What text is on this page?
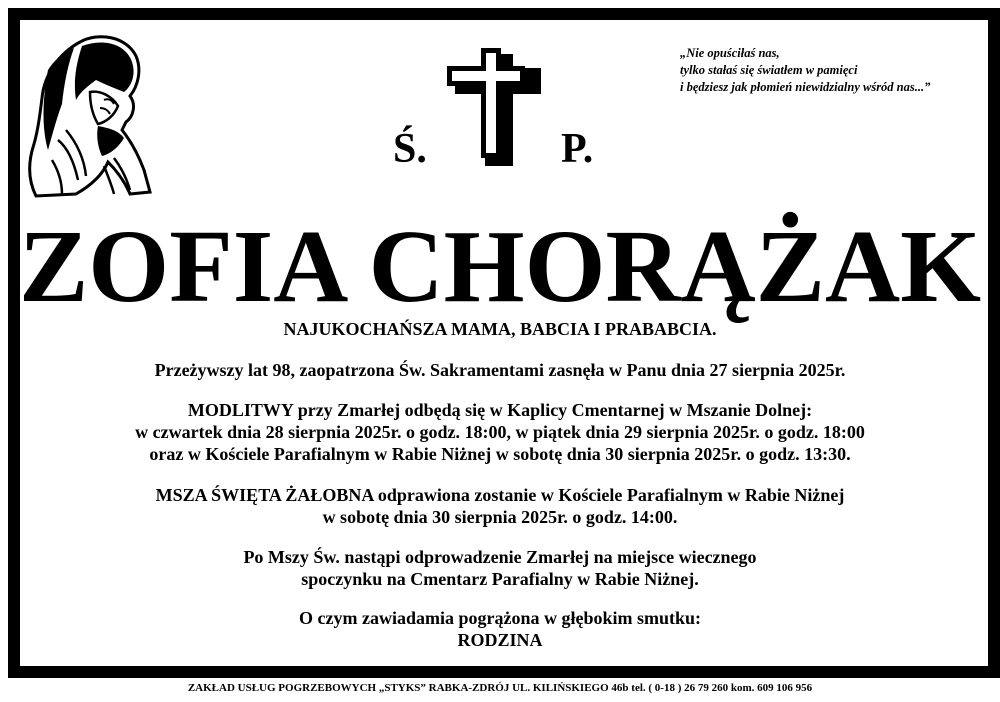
Ś.	P.
„Nie opuściłaś nas,
tylko stałaś się światłem w pamięci
i będziesz jak płomień niewidzialny wśród nas...”
ZOFIA CHORĄŻAK
NAJUKOCHAŃSZA MAMA, BABCIA I PRABABCIA.
Przeżywszy lat 98, zaopatrzona Św. Sakramentami zasnęła w Panu dnia 27 sierpnia 2025r.
MODLITWY przy Zmarłej odbędą się w Kaplicy Cmentarnej w Mszanie Dolnej:
w czwartek dnia 28 sierpnia 2025r. o godz. 18:00, w piątek dnia 29 sierpnia 2025r. o godz. 18:00
oraz w Kościele Parafialnym w Rabie Niżnej w sobotę dnia 30 sierpnia 2025r. o godz. 13:30.
MSZA ŚWIĘTA ŻAŁOBNA odprawiona zostanie w Kościele Parafialnym w Rabie Niżnej
w sobotę dnia 30 sierpnia 2025r. o godz. 14:00.
Po Mszy Św. nastąpi odprowadzenie Zmarłej na miejsce wiecznego
spoczynku na Cmentarz Parafialny w Rabie Niżnej.
O czym zawiadamia pogrążona w głębokim smutku:
RODZINA
ZAKŁAD USŁUG POGRZEBOWYCH „STYKS” RABKA-ZDRÓJ UL. KILIŃSKIEGO 46b tel. ( 0-18 ) 26 79 260 kom. 609 106 956
